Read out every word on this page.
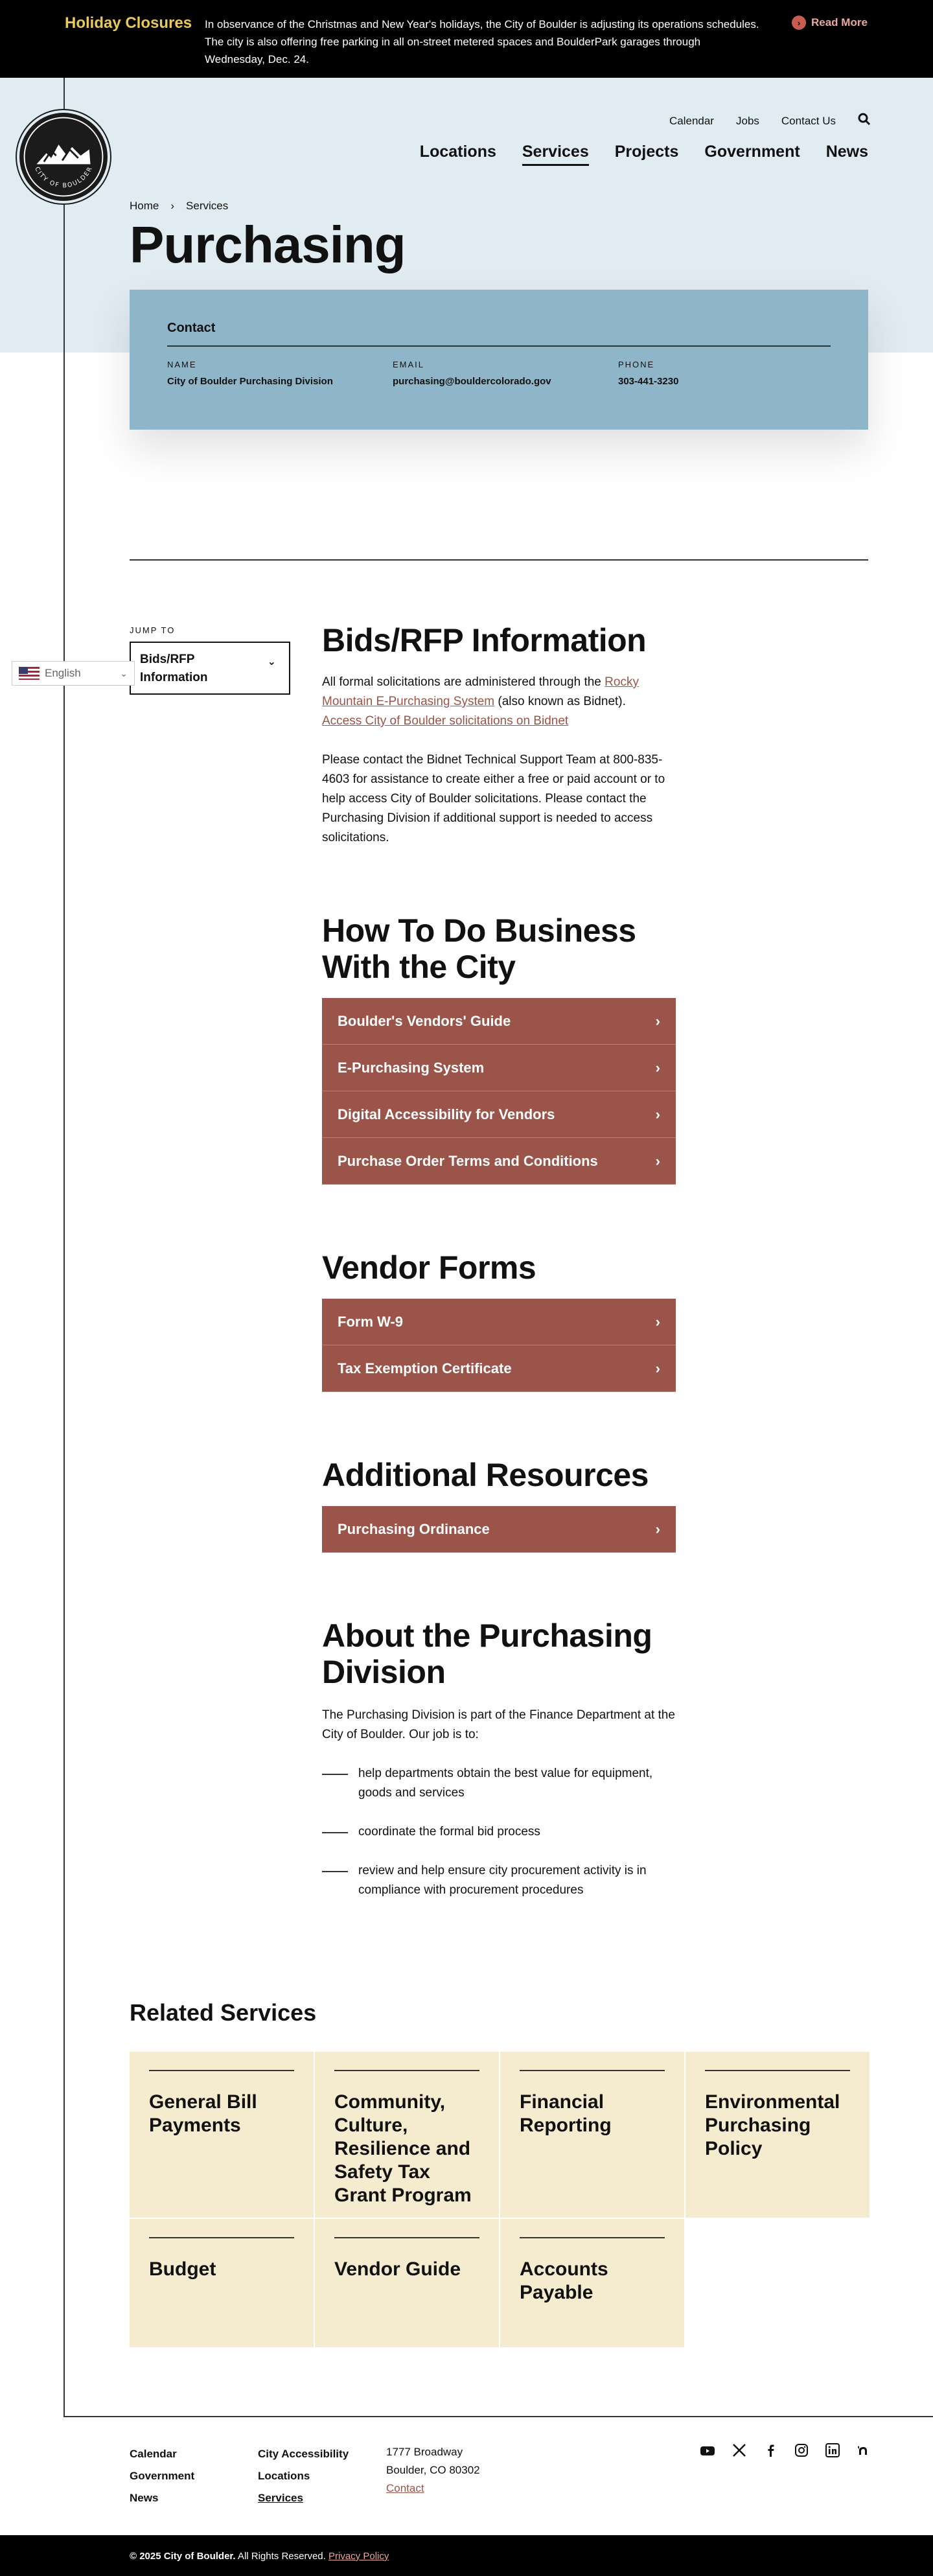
Holiday Closures In observance of the Christmas and New Year's holidays, the City of Boulder is adjusting its operations schedules. The city is also offering free parking in all on-street metered spaces and BoulderPark garages through Wednesday, Dec. 24.
› Read More
CITY OF BOULDER
Calendar Jobs Contact Us
Locations Services Projects Government News
Home › Services
Purchasing
Contact
NAME
City of Boulder Purchasing Division
EMAIL
purchasing@bouldercolorado.gov
PHONE
303-441-3230
JUMP TO
Bids/RFP Information
⌄
English	⌄
Bids/RFP Information

All formal solicitations are administered through the Rocky Mountain E-Purchasing System (also known as Bidnet).
Access City of Boulder solicitations on Bidnet

Please contact the Bidnet Technical Support Team at 800-835-4603 for assistance to create either a free or paid account or to help access City of Boulder solicitations. Please contact the Purchasing Division if additional support is needed to access solicitations.

How To Do Business With the City
Boulder's Vendors' Guide	›
E-Purchasing System	›
Digital Accessibility for Vendors	›
Purchase Order Terms and Conditions	›
Vendor Forms
Form W-9	›
Tax Exemption Certificate	›
Additional Resources
Purchasing Ordinance	›
About the Purchasing Division

The Purchasing Division is part of the Finance Department at the City of Boulder. Our job is to:

help departments obtain the best value for equipment, goods and services
coordinate the formal bid process
review and help ensure city procurement activity is in compliance with procurement procedures
Related Services
General Bill Payments
Community, Culture, Resilience and Safety Tax Grant Program
Financial Reporting
Environmental Purchasing Policy
Budget	Vendor Guide	Accounts Payable
Calendar
Government
News
City Accessibility
Locations
Services
1777 Broadway
Boulder, CO 80302
Contact
© 2025 City of Boulder. All Rights Reserved. Privacy Policy
